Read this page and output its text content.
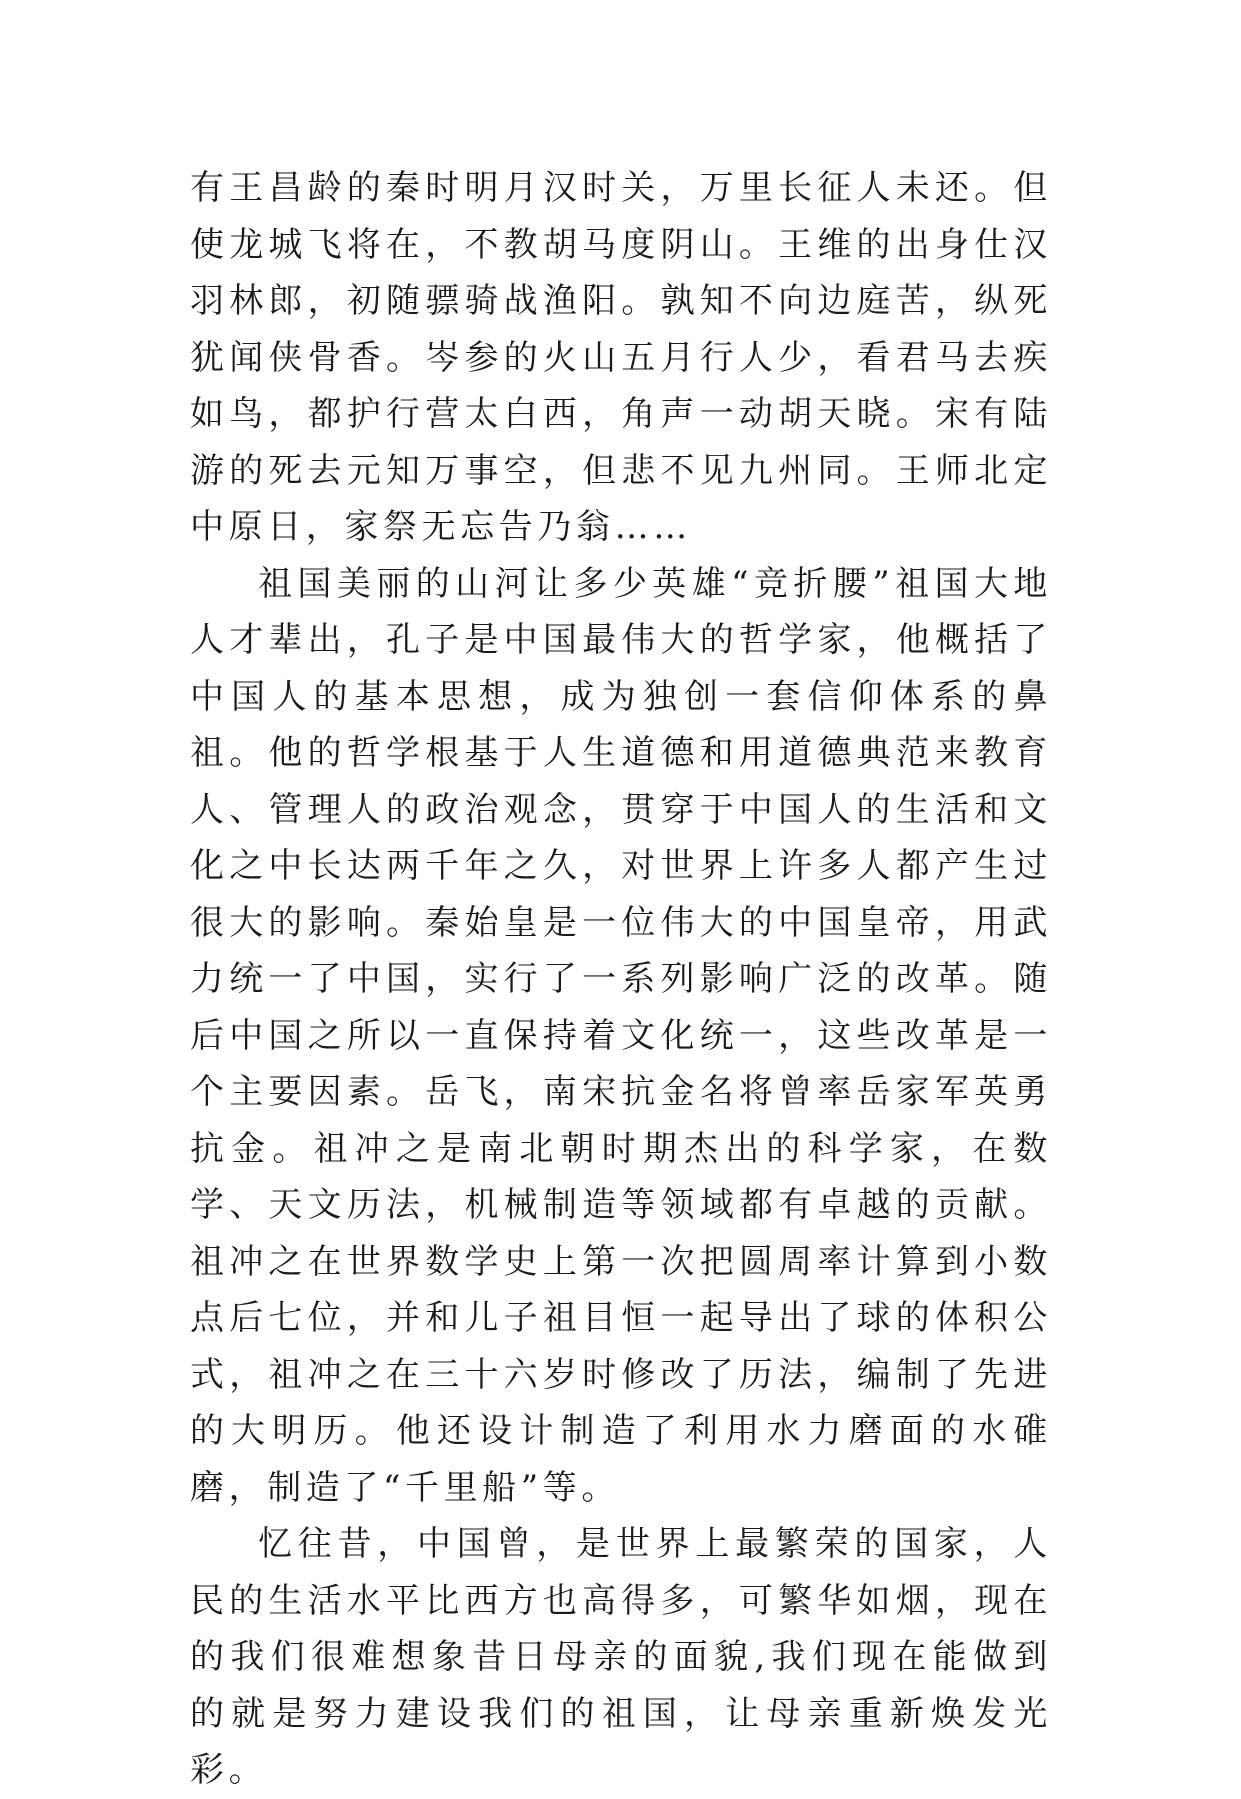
有王昌龄的秦时明月汉时关，万里长征人未还。但使龙城飞将在，不教胡马度阴山。王维的出身仕汉羽林郎，初随骠骑战渔阳。孰知不向边庭苦，纵死犹闻侠骨香。岑参的火山五月行人少，看君马去疾如鸟，都护行营太白西，角声一动胡天晓。宋有陆游的死去元知万事空，但悲不见九州同。王师北定中原日，家祭无忘告乃翁……

祖国美丽的山河让多少英雄“竞折腰”祖国大地人才辈出，孔子是中国最伟大的哲学家，他概括了中国人的基本思想，成为独创一套信仰体系的鼻祖。他的哲学根基于人生道德和用道德典范来教育人、管理人的政治观念，贯穿于中国人的生活和文化之中长达两千年之久，对世界上许多人都产生过很大的影响。秦始皇是一位伟大的中国皇帝，用武力统一了中国，实行了一系列影响广泛的改革。随后中国之所以一直保持着文化统一，这些改革是一个主要因素。岳飞，南宋抗金名将曾率岳家军英勇抗金。祖冲之是南北朝时期杰出的科学家，在数学、天文历法，机械制造等领域都有卓越的贡献。祖冲之在世界数学史上第一次把圆周率计算到小数点后七位，并和儿子祖目恒一起导出了球的体积公式，祖冲之在三十六岁时修改了历法，编制了先进的大明历。他还设计制造了利用水力磨面的水碓磨，制造了“千里船”等。

忆往昔，中国曾，是世界上最繁荣的国家，人民的生活水平比西方也高得多，可繁华如烟，现在的我们很难想象昔日母亲的面貌,我们现在能做到的就是努力建设我们的祖国，让母亲重新焕发光彩。
